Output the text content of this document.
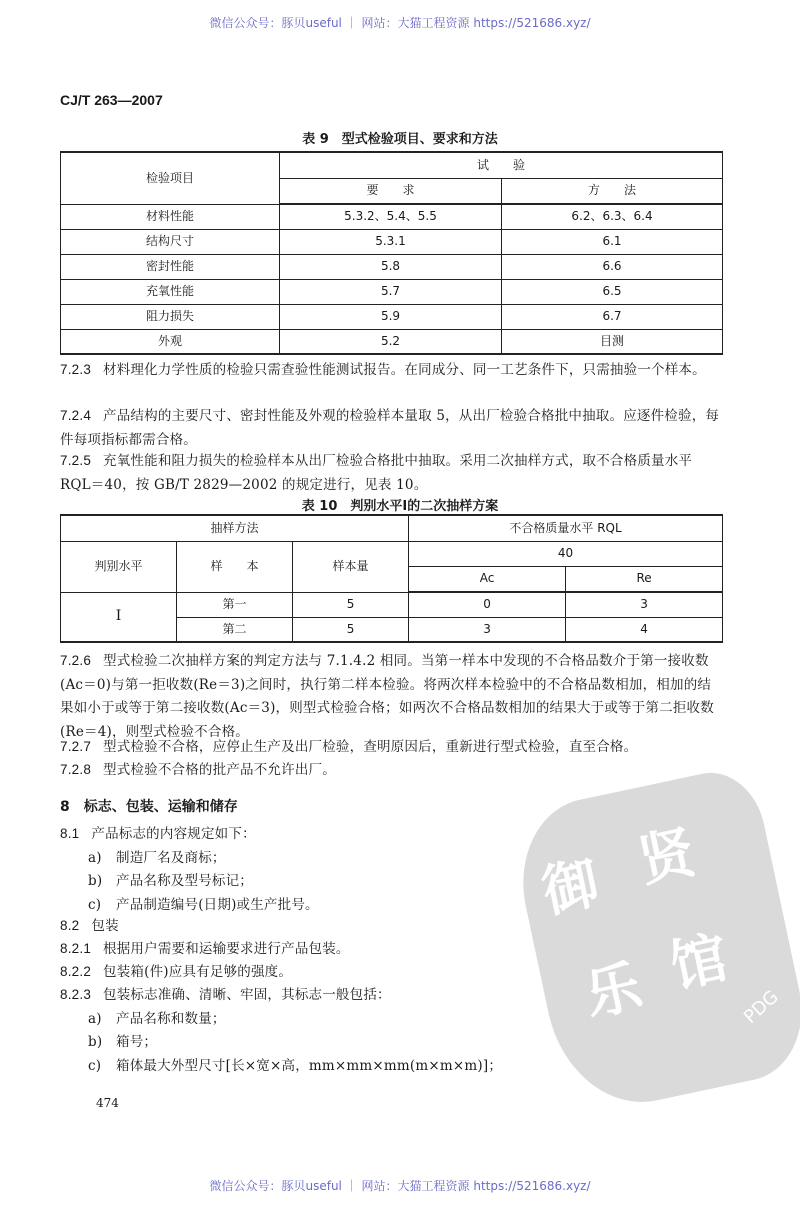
微信公众号：豚贝useful ｜ 网站：大猫工程资源 https://521686.xyz/
CJ/T 263—2007
表 9　型式检验项目、要求和方法
检验项目	试　　验	
	要　　求	方　　法
材料性能	5.3.2、5.4、5.5	6.2、6.3、6.4
结构尺寸	5.3.1	6.1
密封性能	5.8	6.6
充氧性能	5.7	6.5
阻力损失	5.9	6.7
外观	5.2	目测
7.2.3 材料理化力学性质的检验只需查验性能测试报告。在同成分、同一工艺条件下，只需抽验一个样本。
7.2.4 产品结构的主要尺寸、密封性能及外观的检验样本量取 5，从出厂检验合格批中抽取。应逐件检验，每件每项指标都需合格。
7.2.5 充氧性能和阻力损失的检验样本从出厂检验合格批中抽取。采用二次抽样方式，取不合格质量水平 RQL＝40，按 GB/T 2829—2002 的规定进行，见表 10。
表 10　判别水平Ⅰ的二次抽样方案
抽样方法			不合格质量水平 RQL	
判别水平	样　　本	样本量	40	
			Ac	Re
Ⅰ	第一	5	0	3
	第二	5	3	4
7.2.6 型式检验二次抽样方案的判定方法与 7.1.4.2 相同。当第一样本中发现的不合格品数介于第一接收数(Ac＝0)与第一拒收数(Re＝3)之间时，执行第二样本检验。将两次样本检验中的不合格品数相加，相加的结果如小于或等于第二接收数(Ac＝3)，则型式检验合格；如两次不合格品数相加的结果大于或等于第二拒收数(Re＝4)，则型式检验不合格。
7.2.7 型式检验不合格，应停止生产及出厂检验，查明原因后，重新进行型式检验，直至合格。
7.2.8 型式检验不合格的批产品不允许出厂。
8 标志、包装、运输和储存
8.1 产品标志的内容规定如下：
a) 制造厂名及商标；
b) 产品名称及型号标记；
c) 产品制造编号(日期)或生产批号。
8.2 包装
8.2.1 根据用户需要和运输要求进行产品包装。
8.2.2 包装箱(件)应具有足够的强度。
8.2.3 包装标志准确、清晰、牢固，其标志一般包括：
a) 产品名称和数量；
b) 箱号；
c) 箱体最大外型尺寸[长×宽×高，mm×mm×mm(m×m×m)]；
御 贤
乐 馆
PDG
474
微信公众号：豚贝useful ｜ 网站：大猫工程资源 https://521686.xyz/
